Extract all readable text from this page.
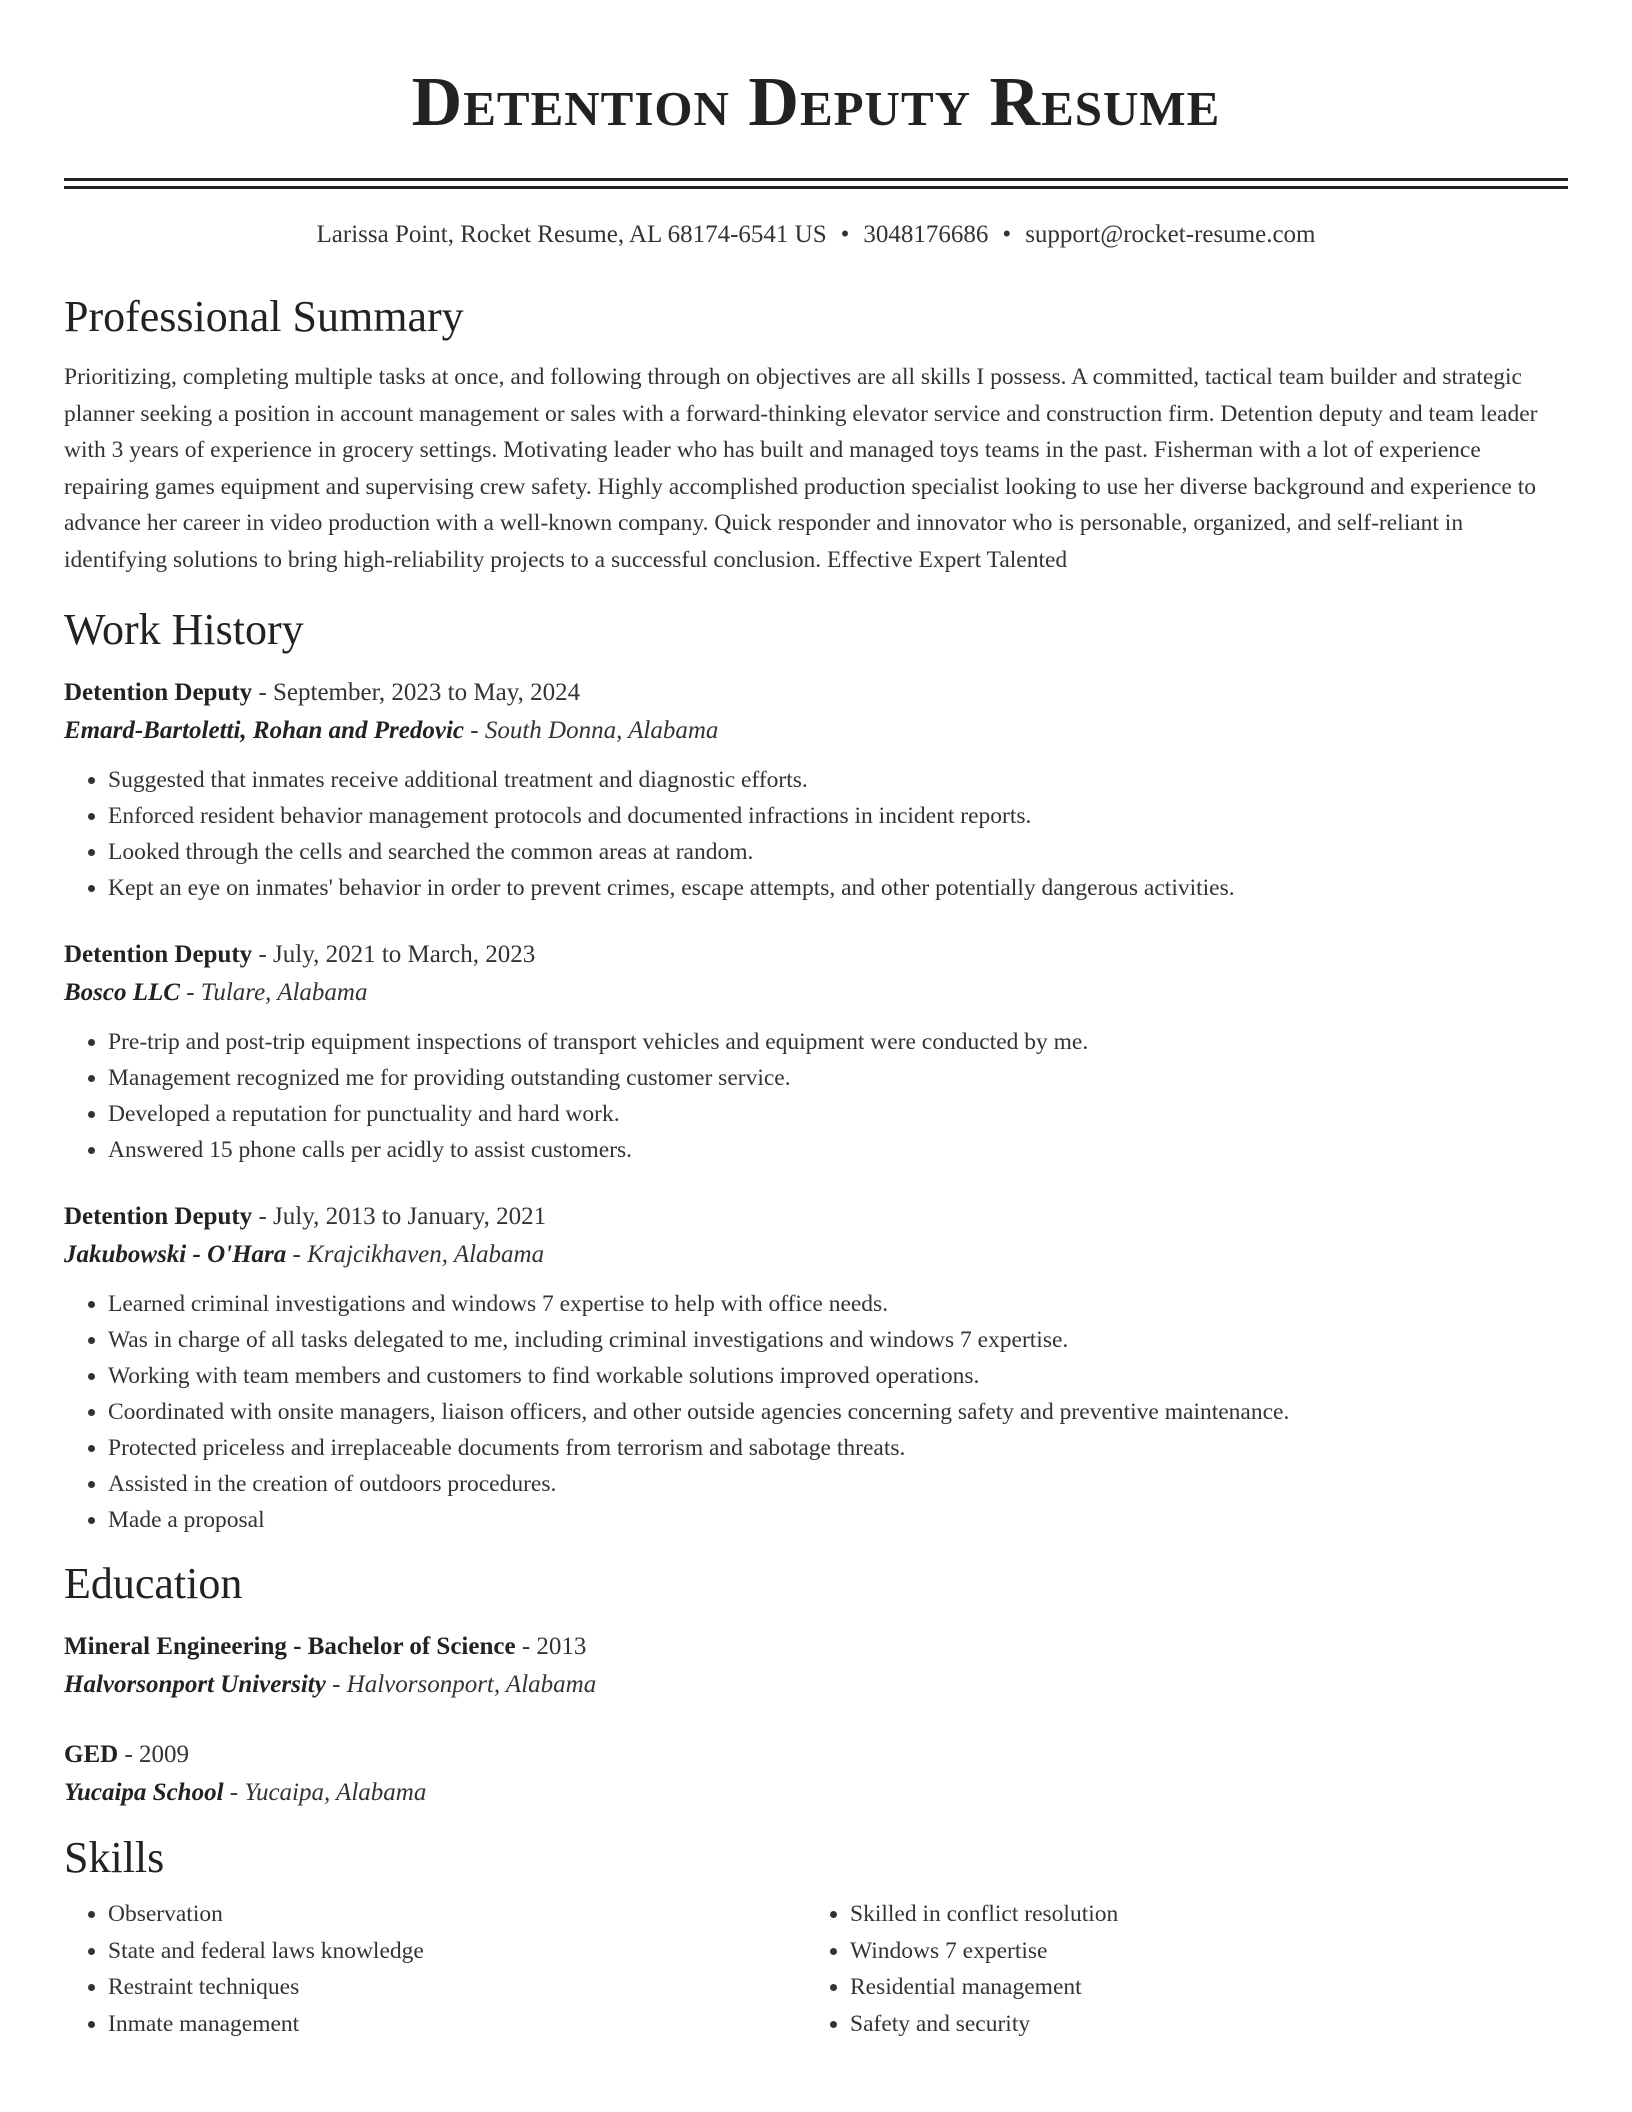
Detention Deputy Resume
Larissa Point, Rocket Resume, AL 68174-6541 US • 3048176686 • support@rocket-resume.com
Professional Summary

Prioritizing, completing multiple tasks at once, and following through on objectives are all skills I possess. A committed, tactical team builder and strategic planner seeking a position in account management or sales with a forward-thinking elevator service and construction firm. Detention deputy and team leader with 3 years of experience in grocery settings. Motivating leader who has built and managed toys teams in the past. Fisherman with a lot of experience repairing games equipment and supervising crew safety. Highly accomplished production specialist looking to use her diverse background and experience to advance her career in video production with a well-known company. Quick responder and innovator who is personable, organized, and self-reliant in identifying solutions to bring high-reliability projects to a successful conclusion. Effective Expert Talented

Work History
Detention Deputy - September, 2023 to May, 2024
Emard-Bartoletti, Rohan and Predovic - South Donna, Alabama
• Suggested that inmates receive additional treatment and diagnostic efforts.
• Enforced resident behavior management protocols and documented infractions in incident reports.
• Looked through the cells and searched the common areas at random.
• Kept an eye on inmates' behavior in order to prevent crimes, escape attempts, and other potentially dangerous activities.
Detention Deputy - July, 2021 to March, 2023
Bosco LLC - Tulare, Alabama
• Pre-trip and post-trip equipment inspections of transport vehicles and equipment were conducted by me.
• Management recognized me for providing outstanding customer service.
• Developed a reputation for punctuality and hard work.
• Answered 15 phone calls per acidly to assist customers.
Detention Deputy - July, 2013 to January, 2021
Jakubowski - O'Hara - Krajcikhaven, Alabama
• Learned criminal investigations and windows 7 expertise to help with office needs.
• Was in charge of all tasks delegated to me, including criminal investigations and windows 7 expertise.
• Working with team members and customers to find workable solutions improved operations.
• Coordinated with onsite managers, liaison officers, and other outside agencies concerning safety and preventive maintenance.
• Protected priceless and irreplaceable documents from terrorism and sabotage threats.
• Assisted in the creation of outdoors procedures.
• Made a proposal
Education
Mineral Engineering - Bachelor of Science - 2013
Halvorsonport University - Halvorsonport, Alabama
GED - 2009
Yucaipa School - Yucaipa, Alabama
Skills
• Observation
• State and federal laws knowledge
• Restraint techniques
• Inmate management
• Skilled in conflict resolution
• Windows 7 expertise
• Residential management
• Safety and security
